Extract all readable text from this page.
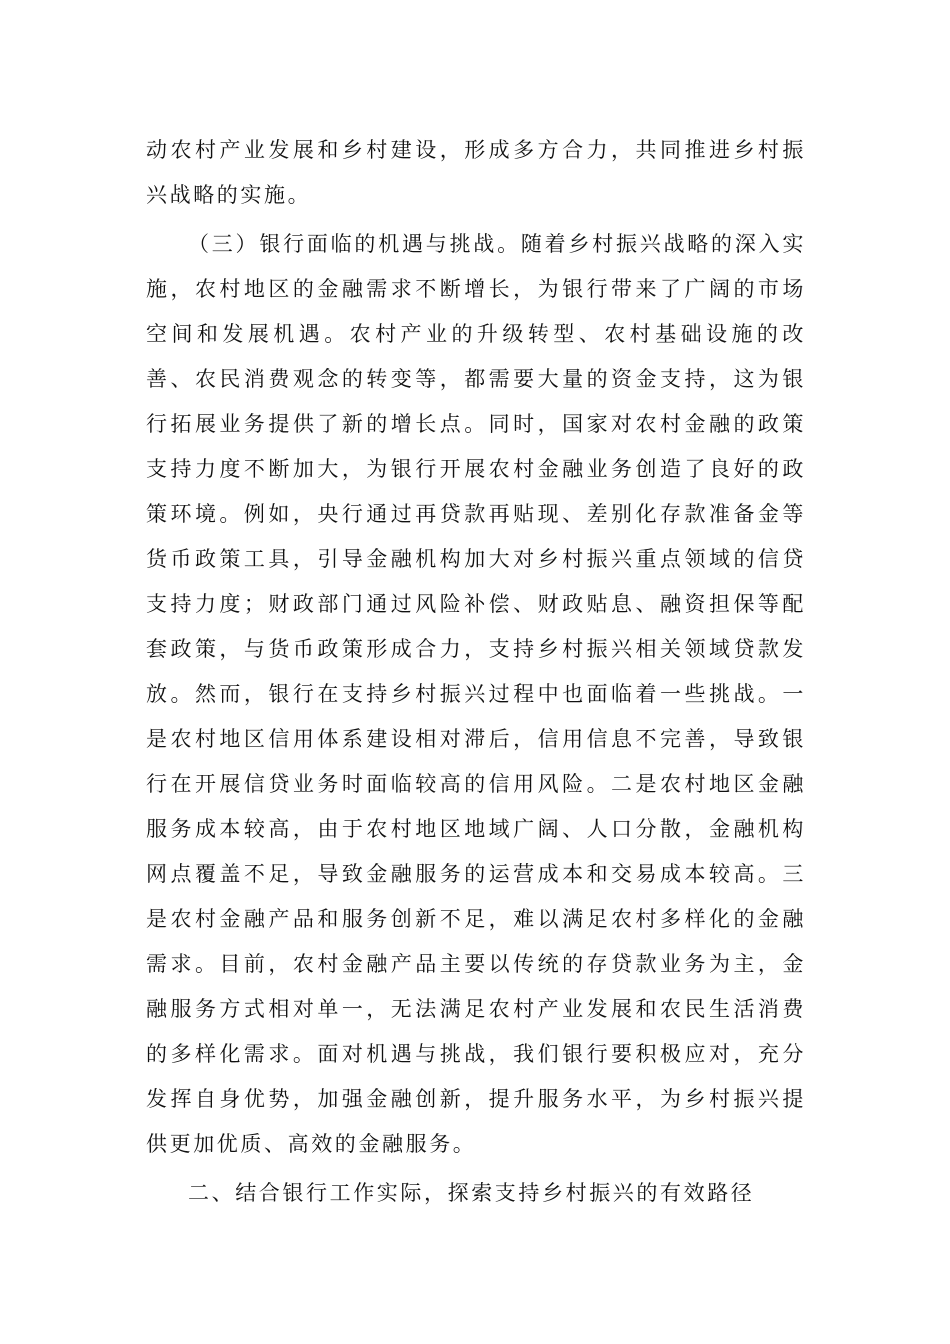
动农村产业发展和乡村建设，形成多方合力，共同推进乡村振兴战略的实施。

（三）银行面临的机遇与挑战。随着乡村振兴战略的深入实施，农村地区的金融需求不断增长，为银行带来了广阔的市场空间和发展机遇。农村产业的升级转型、农村基础设施的改善、农民消费观念的转变等，都需要大量的资金支持，这为银行拓展业务提供了新的增长点。同时，国家对农村金融的政策支持力度不断加大，为银行开展农村金融业务创造了良好的政策环境。例如，央行通过再贷款再贴现、差别化存款准备金等货币政策工具，引导金融机构加大对乡村振兴重点领域的信贷支持力度；财政部门通过风险补偿、财政贴息、融资担保等配套政策，与货币政策形成合力，支持乡村振兴相关领域贷款发放。然而，银行在支持乡村振兴过程中也面临着一些挑战。一是农村地区信用体系建设相对滞后，信用信息不完善，导致银行在开展信贷业务时面临较高的信用风险。二是农村地区金融服务成本较高，由于农村地区地域广阔、人口分散，金融机构网点覆盖不足，导致金融服务的运营成本和交易成本较高。三是农村金融产品和服务创新不足，难以满足农村多样化的金融需求。目前，农村金融产品主要以传统的存贷款业务为主，金融服务方式相对单一，无法满足农村产业发展和农民生活消费的多样化需求。面对机遇与挑战，我们银行要积极应对，充分发挥自身优势，加强金融创新，提升服务水平，为乡村振兴提供更加优质、高效的金融服务。

二、结合银行工作实际，探索支持乡村振兴的有效路径
